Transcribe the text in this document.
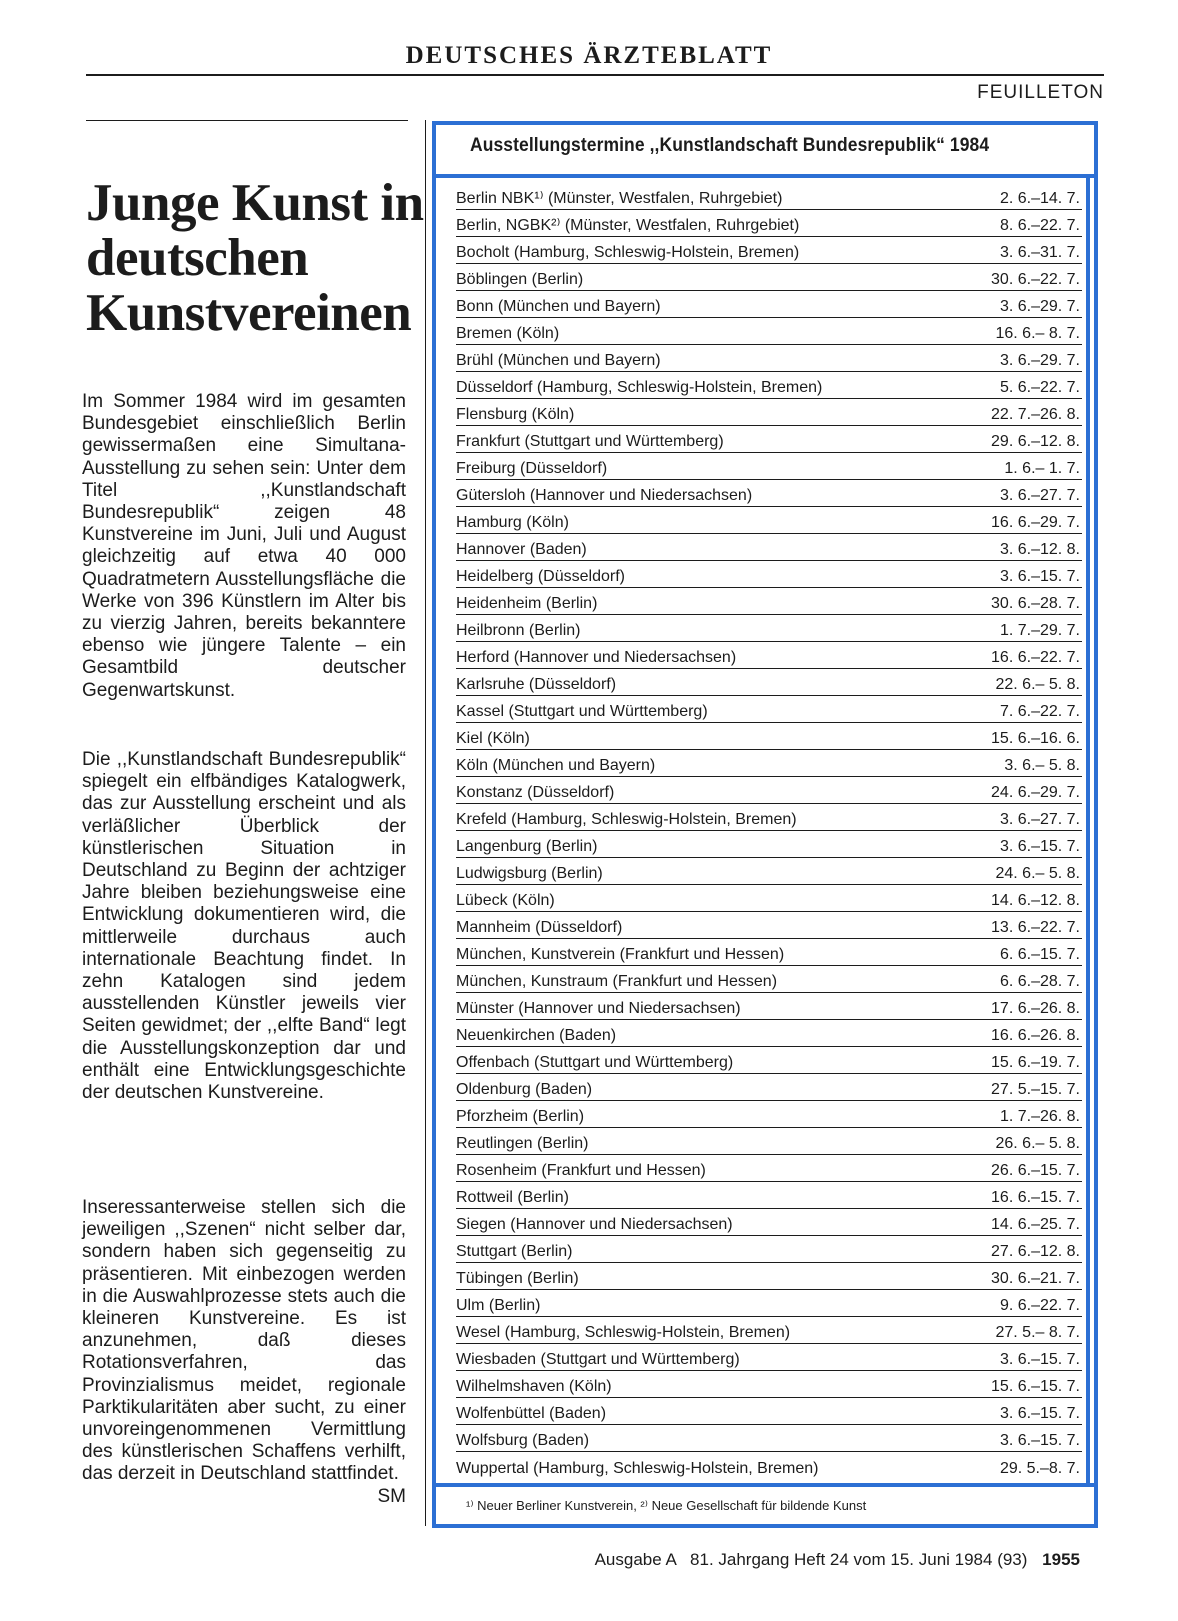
DEUTSCHES ÄRZTEBLATT
FEUILLETON
Junge Kunst in deutschen Kunstvereinen

Im Sommer 1984 wird im gesamten Bundesgebiet einschließlich Berlin gewissermaßen eine Simultana-Ausstellung zu sehen sein: Unter dem Titel ,,Kunstlandschaft Bundesrepublik“ zeigen 48 Kunstvereine im Juni, Juli und August gleichzeitig auf etwa 40 000 Quadratmetern Ausstellungsfläche die Werke von 396 Künstlern im Alter bis zu vierzig Jahren, bereits bekanntere ebenso wie jüngere Talente – ein Gesamtbild deutscher Gegenwartskunst.

Die ,,Kunstlandschaft Bundesrepublik“ spiegelt ein elfbändiges Katalogwerk, das zur Ausstellung erscheint und als verläßlicher Überblick der künstlerischen Situation in Deutschland zu Beginn der achtziger Jahre bleiben beziehungsweise eine Entwicklung dokumentieren wird, die mittlerweile durchaus auch internationale Beachtung findet. In zehn Katalogen sind jedem ausstellenden Künstler jeweils vier Seiten gewidmet; der ,,elfte Band“ legt die Ausstellungskonzeption dar und enthält eine Entwicklungsgeschichte der deutschen Kunstvereine.

Inseressanterweise stellen sich die jeweiligen ,,Szenen“ nicht selber dar, sondern haben sich gegenseitig zu präsentieren. Mit einbezogen werden in die Auswahlprozesse stets auch die kleineren Kunstvereine. Es ist anzunehmen, daß dieses Rotationsverfahren, das Provinzialismus meidet, regionale Parktikularitäten aber sucht, zu einer unvoreingenommenen Vermittlung des künstlerischen Schaffens verhilft, das derzeit in Deutschland stattfindet.
SM
Ausstellungstermine ,,Kunstlandschaft Bundesrepublik“ 1984
Berlin NBK¹⁾ (Münster, Westfalen, Ruhrgebiet)	2. 6.–14. 7.
Berlin, NGBK²⁾ (Münster, Westfalen, Ruhrgebiet)	8. 6.–22. 7.
Bocholt (Hamburg, Schleswig-Holstein, Bremen)	3. 6.–31. 7.
Böblingen (Berlin)	30. 6.–22. 7.
Bonn (München und Bayern)	3. 6.–29. 7.
Bremen (Köln)	16. 6.– 8. 7.
Brühl (München und Bayern)	3. 6.–29. 7.
Düsseldorf (Hamburg, Schleswig-Holstein, Bremen)	5. 6.–22. 7.
Flensburg (Köln)	22. 7.–26. 8.
Frankfurt (Stuttgart und Württemberg)	29. 6.–12. 8.
Freiburg (Düsseldorf)	1. 6.– 1. 7.
Gütersloh (Hannover und Niedersachsen)	3. 6.–27. 7.
Hamburg (Köln)	16. 6.–29. 7.
Hannover (Baden)	3. 6.–12. 8.
Heidelberg (Düsseldorf)	3. 6.–15. 7.
Heidenheim (Berlin)	30. 6.–28. 7.
Heilbronn (Berlin)	1. 7.–29. 7.
Herford (Hannover und Niedersachsen)	16. 6.–22. 7.
Karlsruhe (Düsseldorf)	22. 6.– 5. 8.
Kassel (Stuttgart und Württemberg)	7. 6.–22. 7.
Kiel (Köln)	15. 6.–16. 6.
Köln (München und Bayern)	3. 6.– 5. 8.
Konstanz (Düsseldorf)	24. 6.–29. 7.
Krefeld (Hamburg, Schleswig-Holstein, Bremen)	3. 6.–27. 7.
Langenburg (Berlin)	3. 6.–15. 7.
Ludwigsburg (Berlin)	24. 6.– 5. 8.
Lübeck (Köln)	14. 6.–12. 8.
Mannheim (Düsseldorf)	13. 6.–22. 7.
München, Kunstverein (Frankfurt und Hessen)	6. 6.–15. 7.
München, Kunstraum (Frankfurt und Hessen)	6. 6.–28. 7.
Münster (Hannover und Niedersachsen)	17. 6.–26. 8.
Neuenkirchen (Baden)	16. 6.–26. 8.
Offenbach (Stuttgart und Württemberg)	15. 6.–19. 7.
Oldenburg (Baden)	27. 5.–15. 7.
Pforzheim (Berlin)	1. 7.–26. 8.
Reutlingen (Berlin)	26. 6.– 5. 8.
Rosenheim (Frankfurt und Hessen)	26. 6.–15. 7.
Rottweil (Berlin)	16. 6.–15. 7.
Siegen (Hannover und Niedersachsen)	14. 6.–25. 7.
Stuttgart (Berlin)	27. 6.–12. 8.
Tübingen (Berlin)	30. 6.–21. 7.
Ulm (Berlin)	9. 6.–22. 7.
Wesel (Hamburg, Schleswig-Holstein, Bremen)	27. 5.– 8. 7.
Wiesbaden (Stuttgart und Württemberg)	3. 6.–15. 7.
Wilhelmshaven (Köln)	15. 6.–15. 7.
Wolfenbüttel (Baden)	3. 6.–15. 7.
Wolfsburg (Baden)	3. 6.–15. 7.
Wuppertal (Hamburg, Schleswig-Holstein, Bremen)	29. 5.–8. 7.
¹⁾ Neuer Berliner Kunstverein, ²⁾ Neue Gesellschaft für bildende Kunst
Ausgabe A   81. Jahrgang Heft 24 vom 15. Juni 1984 (93) 1955
